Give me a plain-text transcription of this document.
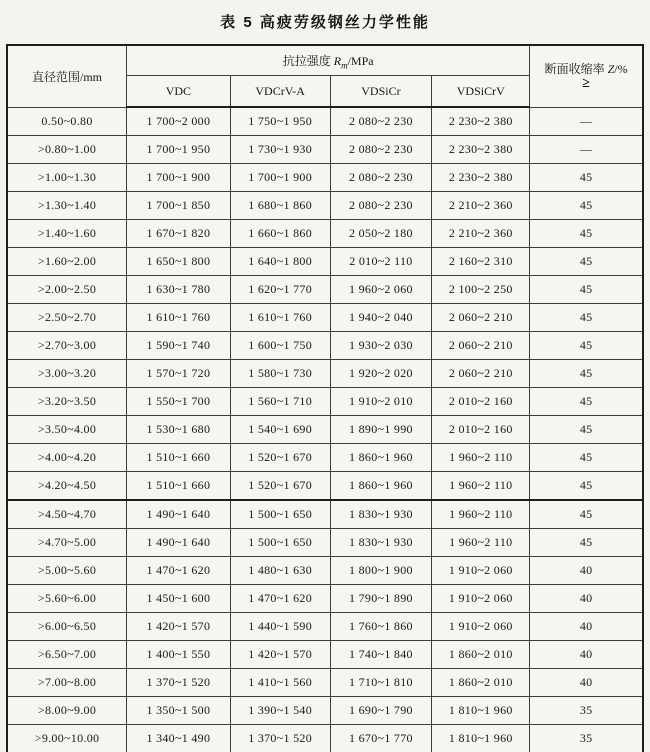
表 5 高疲劳级钢丝力学性能
直径范围/mm	抗拉强度 $R_m$/MPa				断面收缩率 Z/%
≥

	VDC	VDCrV-A	VDSiCr	VDSiCrV	
0.50~0.80	1 700~2 000	1 750~1 950	2 080~2 230	2 230~2 380	—
>0.80~1.00	1 700~1 950	1 730~1 930	2 080~2 230	2 230~2 380	—
>1.00~1.30	1 700~1 900	1 700~1 900	2 080~2 230	2 230~2 380	45
>1.30~1.40	1 700~1 850	1 680~1 860	2 080~2 230	2 210~2 360	45
>1.40~1.60	1 670~1 820	1 660~1 860	2 050~2 180	2 210~2 360	45
>1.60~2.00	1 650~1 800	1 640~1 800	2 010~2 110	2 160~2 310	45
>2.00~2.50	1 630~1 780	1 620~1 770	1 960~2 060	2 100~2 250	45
>2.50~2.70	1 610~1 760	1 610~1 760	1 940~2 040	2 060~2 210	45
>2.70~3.00	1 590~1 740	1 600~1 750	1 930~2 030	2 060~2 210	45
>3.00~3.20	1 570~1 720	1 580~1 730	1 920~2 020	2 060~2 210	45
>3.20~3.50	1 550~1 700	1 560~1 710	1 910~2 010	2 010~2 160	45
>3.50~4.00	1 530~1 680	1 540~1 690	1 890~1 990	2 010~2 160	45
>4.00~4.20	1 510~1 660	1 520~1 670	1 860~1 960	1 960~2 110	45
>4.20~4.50	1 510~1 660	1 520~1 670	1 860~1 960	1 960~2 110	45
>4.50~4.70	1 490~1 640	1 500~1 650	1 830~1 930	1 960~2 110	45
>4.70~5.00	1 490~1 640	1 500~1 650	1 830~1 930	1 960~2 110	45
>5.00~5.60	1 470~1 620	1 480~1 630	1 800~1 900	1 910~2 060	40
>5.60~6.00	1 450~1 600	1 470~1 620	1 790~1 890	1 910~2 060	40
>6.00~6.50	1 420~1 570	1 440~1 590	1 760~1 860	1 910~2 060	40
>6.50~7.00	1 400~1 550	1 420~1 570	1 740~1 840	1 860~2 010	40
>7.00~8.00	1 370~1 520	1 410~1 560	1 710~1 810	1 860~2 010	40
>8.00~9.00	1 350~1 500	1 390~1 540	1 690~1 790	1 810~1 960	35
>9.00~10.00	1 340~1 490	1 370~1 520	1 670~1 770	1 810~1 960	35
